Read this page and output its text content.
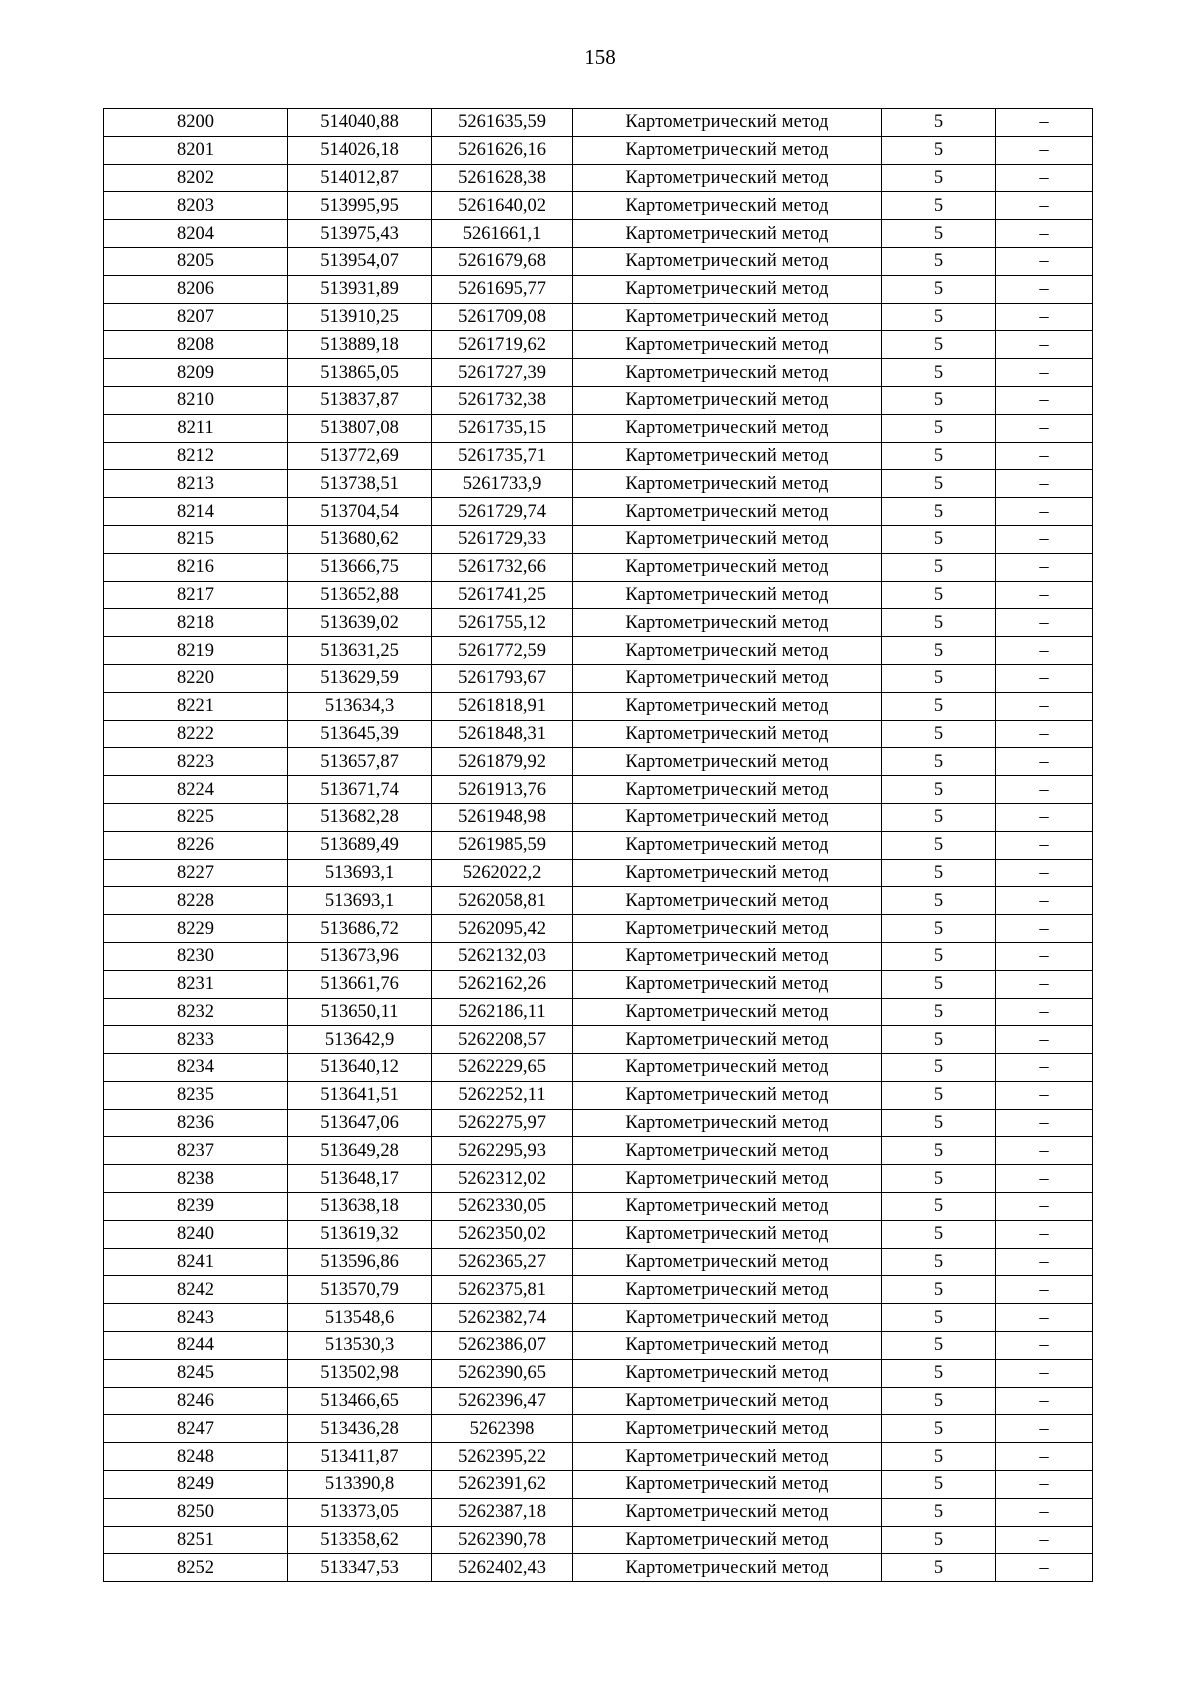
158
8200	514040,88	5261635,59	Картометрический метод	5	–
8201	514026,18	5261626,16	Картометрический метод	5	–
8202	514012,87	5261628,38	Картометрический метод	5	–
8203	513995,95	5261640,02	Картометрический метод	5	–
8204	513975,43	5261661,1	Картометрический метод	5	–
8205	513954,07	5261679,68	Картометрический метод	5	–
8206	513931,89	5261695,77	Картометрический метод	5	–
8207	513910,25	5261709,08	Картометрический метод	5	–
8208	513889,18	5261719,62	Картометрический метод	5	–
8209	513865,05	5261727,39	Картометрический метод	5	–
8210	513837,87	5261732,38	Картометрический метод	5	–
8211	513807,08	5261735,15	Картометрический метод	5	–
8212	513772,69	5261735,71	Картометрический метод	5	–
8213	513738,51	5261733,9	Картометрический метод	5	–
8214	513704,54	5261729,74	Картометрический метод	5	–
8215	513680,62	5261729,33	Картометрический метод	5	–
8216	513666,75	5261732,66	Картометрический метод	5	–
8217	513652,88	5261741,25	Картометрический метод	5	–
8218	513639,02	5261755,12	Картометрический метод	5	–
8219	513631,25	5261772,59	Картометрический метод	5	–
8220	513629,59	5261793,67	Картометрический метод	5	–
8221	513634,3	5261818,91	Картометрический метод	5	–
8222	513645,39	5261848,31	Картометрический метод	5	–
8223	513657,87	5261879,92	Картометрический метод	5	–
8224	513671,74	5261913,76	Картометрический метод	5	–
8225	513682,28	5261948,98	Картометрический метод	5	–
8226	513689,49	5261985,59	Картометрический метод	5	–
8227	513693,1	5262022,2	Картометрический метод	5	–
8228	513693,1	5262058,81	Картометрический метод	5	–
8229	513686,72	5262095,42	Картометрический метод	5	–
8230	513673,96	5262132,03	Картометрический метод	5	–
8231	513661,76	5262162,26	Картометрический метод	5	–
8232	513650,11	5262186,11	Картометрический метод	5	–
8233	513642,9	5262208,57	Картометрический метод	5	–
8234	513640,12	5262229,65	Картометрический метод	5	–
8235	513641,51	5262252,11	Картометрический метод	5	–
8236	513647,06	5262275,97	Картометрический метод	5	–
8237	513649,28	5262295,93	Картометрический метод	5	–
8238	513648,17	5262312,02	Картометрический метод	5	–
8239	513638,18	5262330,05	Картометрический метод	5	–
8240	513619,32	5262350,02	Картометрический метод	5	–
8241	513596,86	5262365,27	Картометрический метод	5	–
8242	513570,79	5262375,81	Картометрический метод	5	–
8243	513548,6	5262382,74	Картометрический метод	5	–
8244	513530,3	5262386,07	Картометрический метод	5	–
8245	513502,98	5262390,65	Картометрический метод	5	–
8246	513466,65	5262396,47	Картометрический метод	5	–
8247	513436,28	5262398	Картометрический метод	5	–
8248	513411,87	5262395,22	Картометрический метод	5	–
8249	513390,8	5262391,62	Картометрический метод	5	–
8250	513373,05	5262387,18	Картометрический метод	5	–
8251	513358,62	5262390,78	Картометрический метод	5	–
8252	513347,53	5262402,43	Картометрический метод	5	–
